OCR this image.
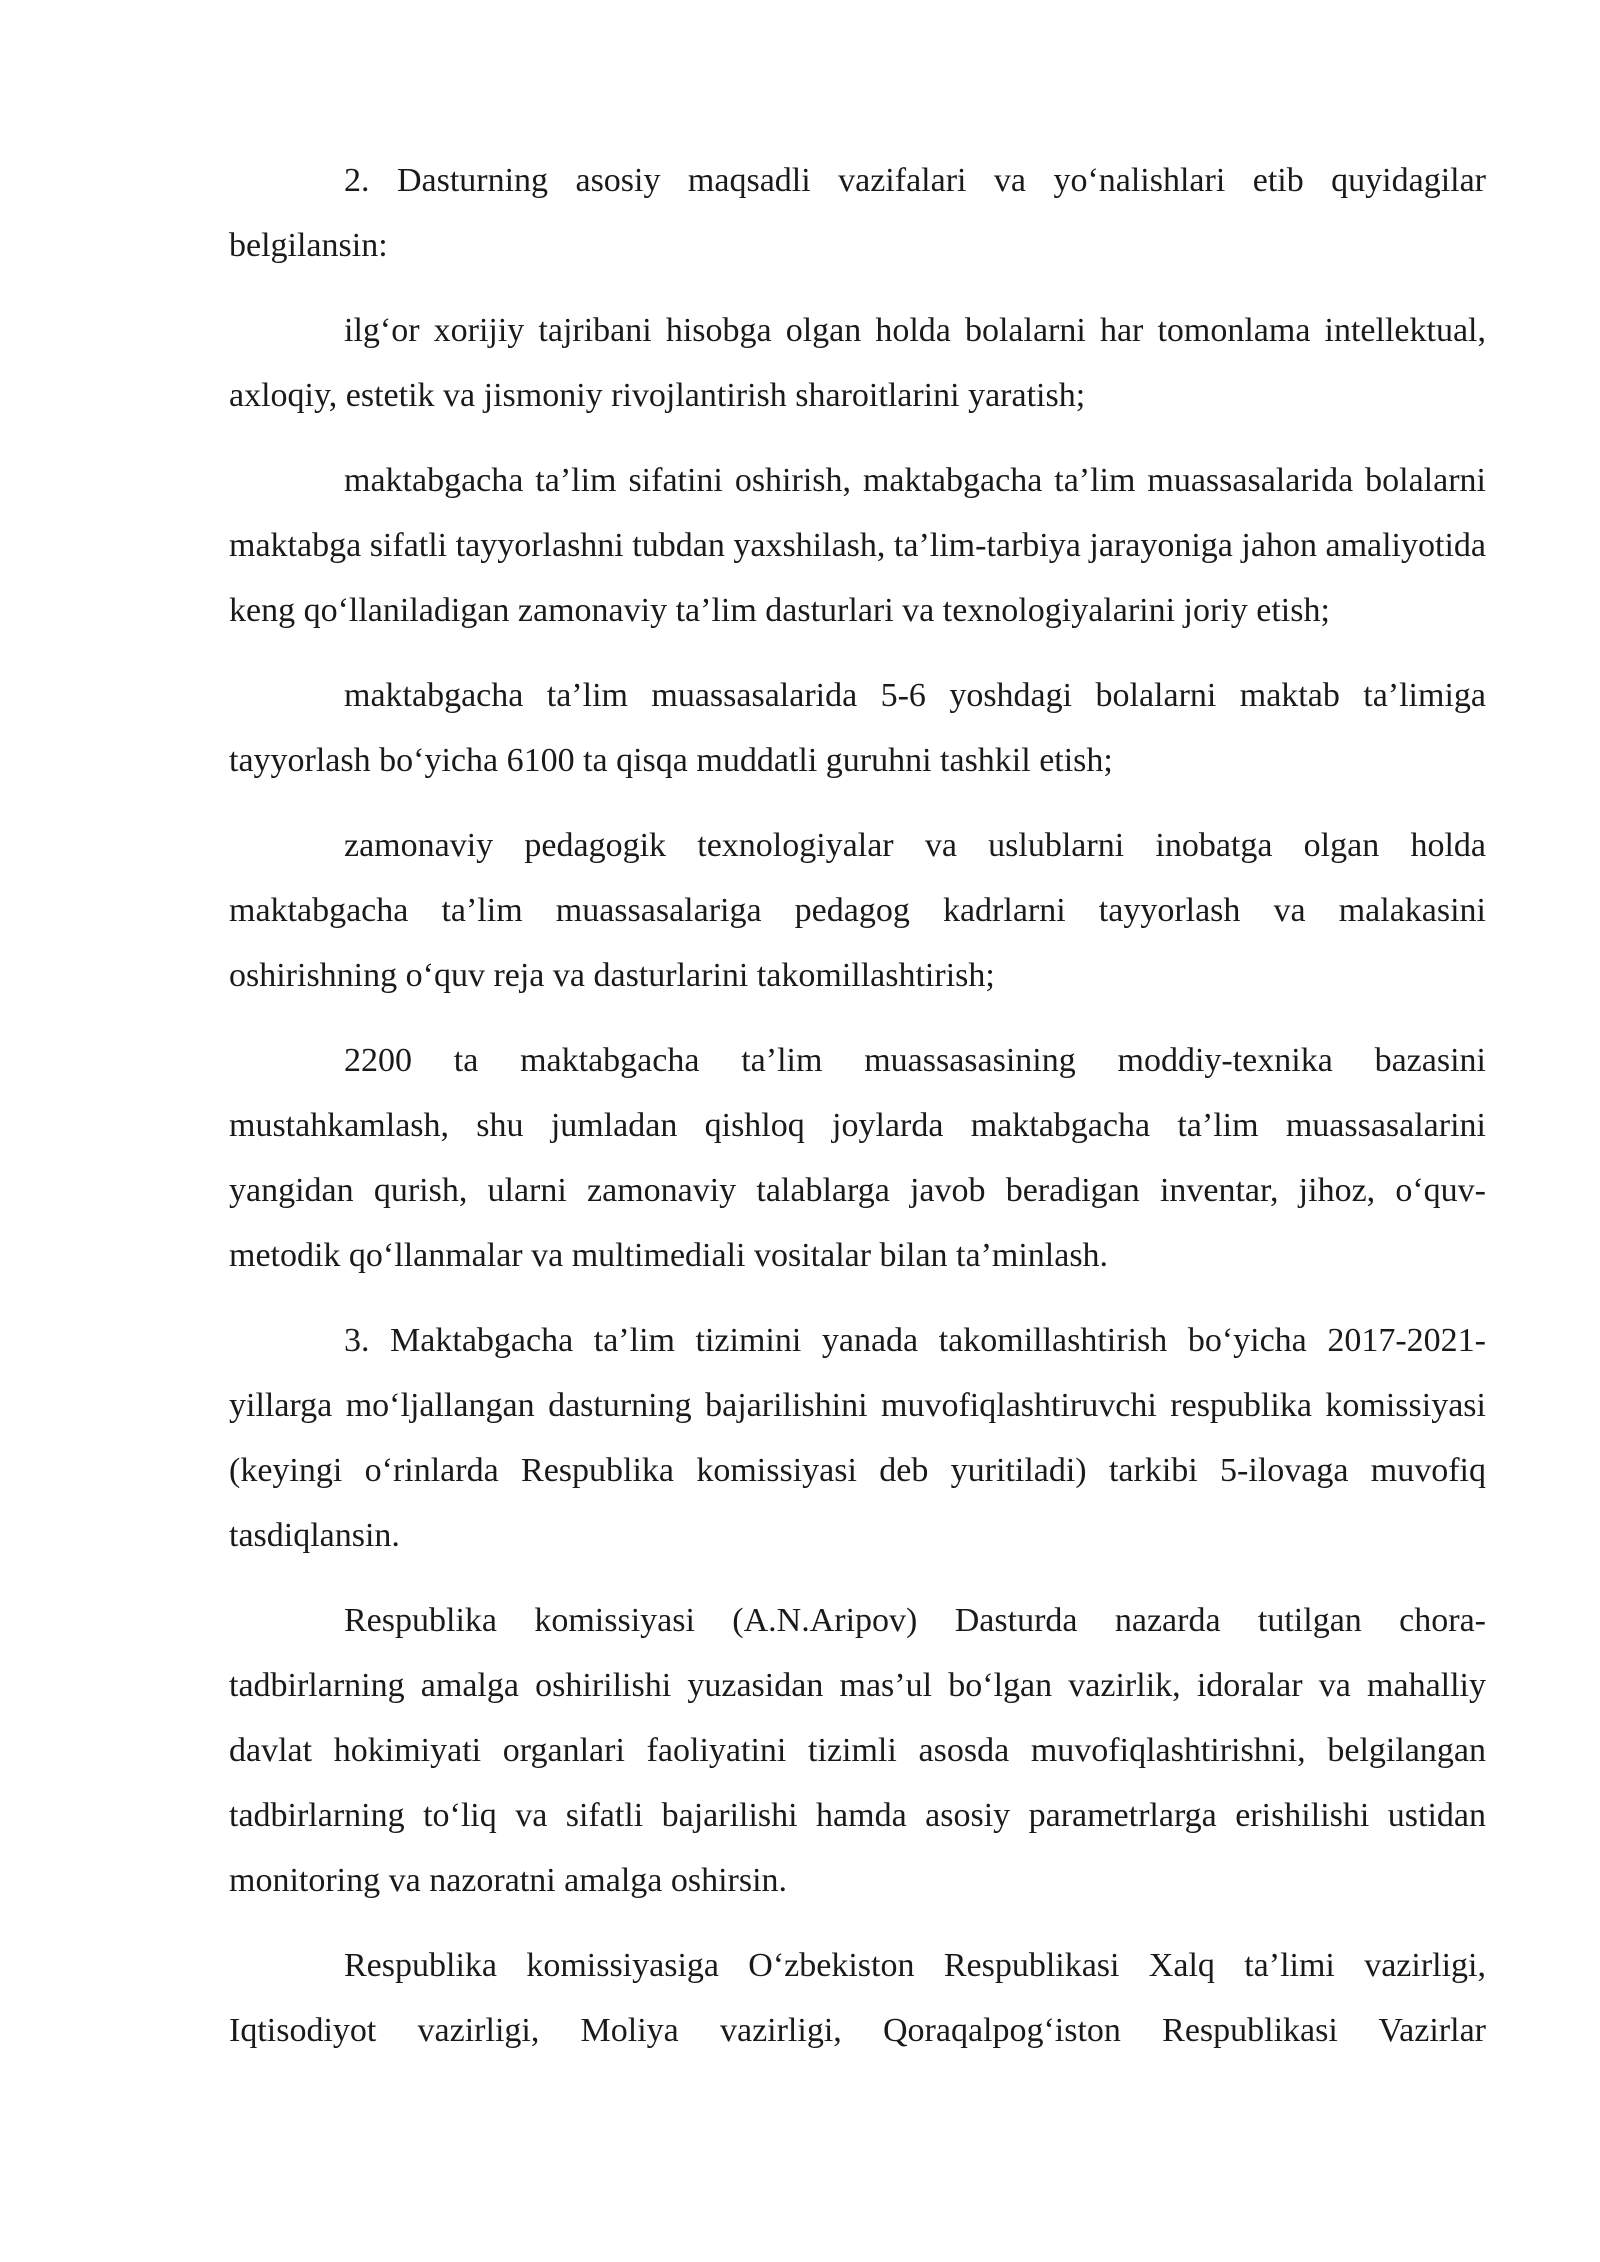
2. Dasturning asosiy maqsadli vazifalari va yo‘nalishlari etib quyidagilar belgilansin:

ilg‘or xorijiy tajribani hisobga olgan holda bolalarni har tomonlama intellektual, axloqiy, estetik va jismoniy rivojlantirish sharoitlarini yaratish;

maktabgacha ta’lim sifatini oshirish, maktabgacha ta’lim muassasalarida bolalarni maktabga sifatli tayyorlashni tubdan yaxshilash, ta’lim-tarbiya jarayoniga jahon amaliyotida keng qo‘llaniladigan zamonaviy ta’lim dasturlari va texnologiyalarini joriy etish;

maktabgacha ta’lim muassasalarida 5-6 yoshdagi bolalarni maktab ta’limiga tayyorlash bo‘yicha 6100 ta qisqa muddatli guruhni tashkil etish;

zamonaviy pedagogik texnologiyalar va uslublarni inobatga olgan holda maktabgacha ta’lim muassasalariga pedagog kadrlarni tayyorlash va malakasini oshirishning o‘quv reja va dasturlarini takomillashtirish;

2200 ta maktabgacha ta’lim muassasasining moddiy-texnika bazasini mustahkamlash, shu jumladan qishloq joylarda maktabgacha ta’lim muassasalarini yangidan qurish, ularni zamonaviy talablarga javob beradigan inventar, jihoz, o‘quv-metodik qo‘llanmalar va multimediali vositalar bilan ta’minlash.

3. Maktabgacha ta’lim tizimini yanada takomillashtirish bo‘yicha 2017-2021-yillarga mo‘ljallangan dasturning bajarilishini muvofiqlashtiruvchi respublika komissiyasi (keyingi o‘rinlarda Respublika komissiyasi deb yuritiladi) tarkibi 5-ilovaga muvofiq tasdiqlansin.

Respublika komissiyasi (A.N.Aripov) Dasturda nazarda tutilgan chora-tadbirlarning amalga oshirilishi yuzasidan mas’ul bo‘lgan vazirlik, idoralar va mahalliy davlat hokimiyati organlari faoliyatini tizimli asosda muvofiqlashtirishni, belgilangan tadbirlarning to‘liq va sifatli bajarilishi hamda asosiy parametrlarga erishilishi ustidan monitoring va nazoratni amalga oshirsin.

Respublika komissiyasiga O‘zbekiston Respublikasi Xalq ta’limi vazirligi, Iqtisodiyot vazirligi, Moliya vazirligi, Qoraqalpog‘iston Respublikasi Vazirlar
